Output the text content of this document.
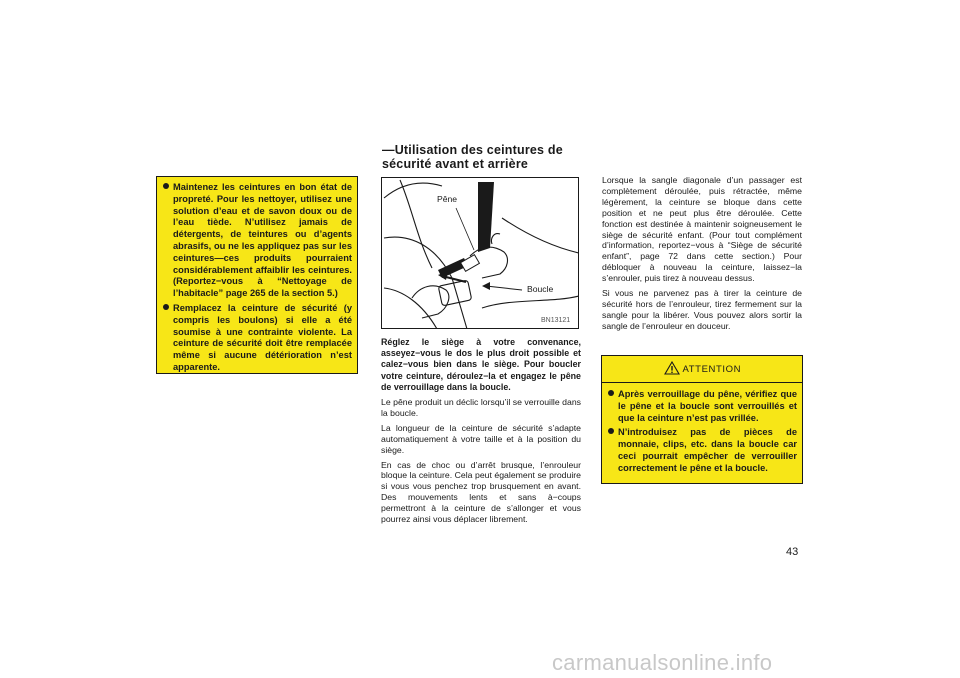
Maintenez les ceintures en bon état de propreté. Pour les nettoyer, utilisez une solution d’eau et de savon doux ou de l’eau tiède. N’utilisez jamais de détergents, de teintures ou d’agents abrasifs, ou ne les appliquez pas sur les ceintures—ces produits pourraient considérablement affaiblir les ceintures. (Reportez−vous à “Nettoyage de l’habitacle” page 265 de la section 5.)
Remplacez la ceinture de sécurité (y compris les boulons) si elle a été soumise à une contrainte violente. La ceinture de sécurité doit être remplacée même si aucune détérioration n’est apparente.
—Utilisation des ceintures de
sécurité avant et arrière
Pêne
Boucle
BN13121

Réglez le siège à votre convenance, asseyez−vous le dos le plus droit possible et calez−vous bien dans le siège. Pour boucler votre ceinture, déroulez−la et engagez le pêne de verrouillage dans la boucle.

Le pêne produit un déclic lorsqu’il se verrouille dans la boucle.

La longueur de la ceinture de sécurité s’adapte automatiquement à votre taille et à la position du siège.

En cas de choc ou d’arrêt brusque, l’enrouleur bloque la ceinture. Cela peut également se produire si vous vous penchez trop brusquement en avant. Des mouvements lents et sans à−coups permettront à la ceinture de s’allonger et vous pourrez ainsi vous déplacer librement.

Lorsque la sangle diagonale d’un passager est complètement déroulée, puis rétractée, même légèrement, la ceinture se bloque dans cette position et ne peut plus être déroulée. Cette fonction est destinée à maintenir soigneusement le siège de sécurité enfant. (Pour tout complément d’information, reportez−vous à “Siège de sécurité enfant”, page 72 dans cette section.) Pour débloquer à nouveau la ceinture, laissez−la s’enrouler, puis tirez à nouveau dessus.

Si vous ne parvenez pas à tirer la ceinture de sécurité hors de l’enrouleur, tirez fermement sur la sangle pour la libérer. Vous pouvez alors sortir la sangle de l’enrouleur en douceur.

ATTENTION
Après verrouillage du pêne, vérifiez que le pêne et la boucle sont verrouillés et que la ceinture n’est pas vrillée.
N’introduisez pas de pièces de monnaie, clips, etc. dans la boucle car ceci pourrait empêcher de verrouiller correctement le pêne et la boucle.
43
carmanualsonline.info
